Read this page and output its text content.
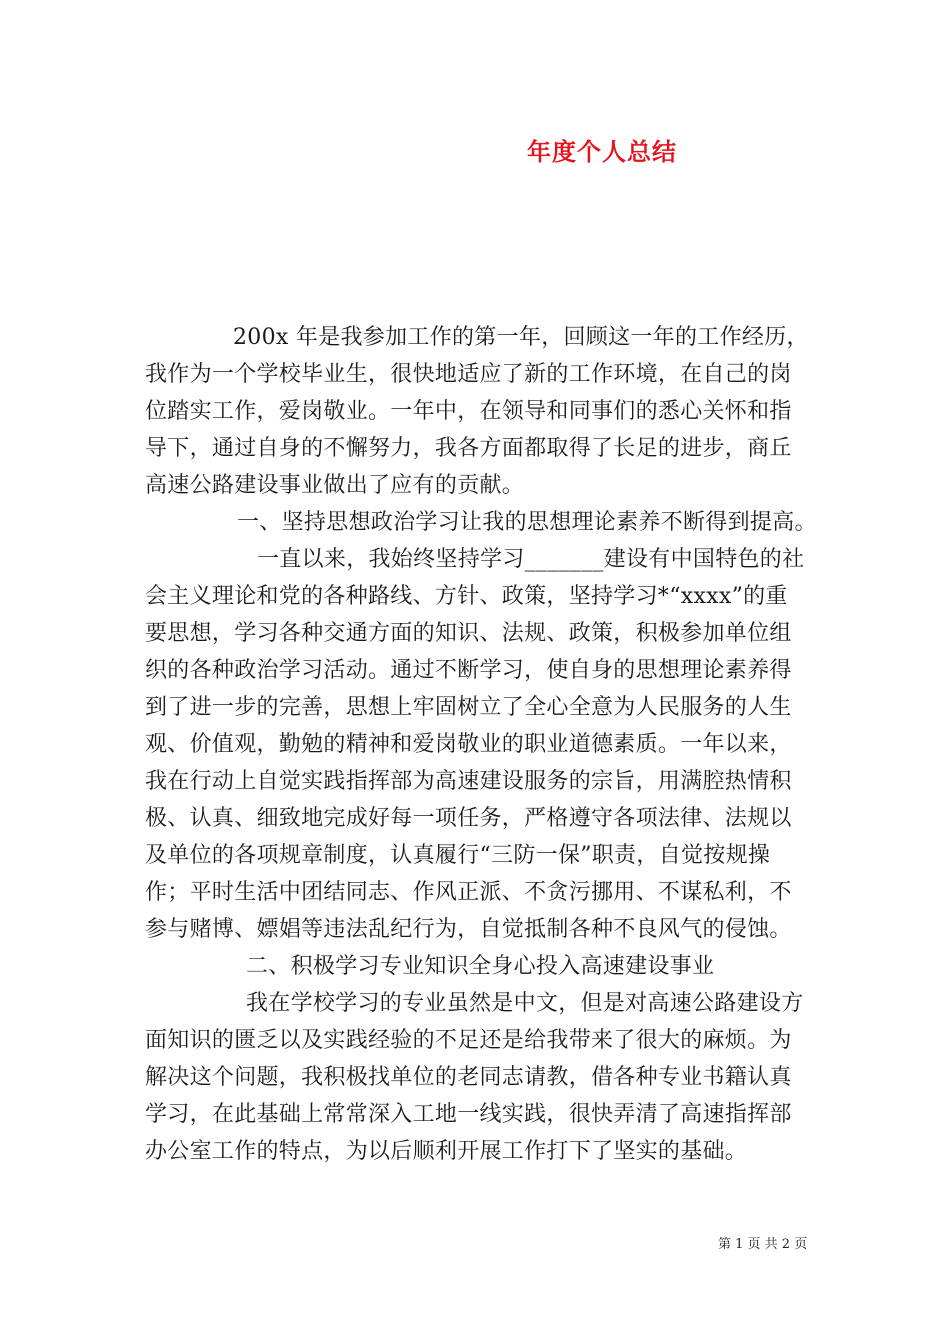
年度个人总结
200x 年是我参加工作的第一年，回顾这一年的工作经历，
我作为一个学校毕业生，很快地适应了新的工作环境，在自己的岗
位踏实工作，爱岗敬业。一年中，在领导和同事们的悉心关怀和指
导下，通过自身的不懈努力，我各方面都取得了长足的进步，商丘
高速公路建设事业做出了应有的贡献。
一、坚持思想政治学习让我的思想理论素养不断得到提高。
一直以来，我始终坚持学习_______建设有中国特色的社
会主义理论和党的各种路线、方针、政策，坚持学习*“xxxx”的重
要思想，学习各种交通方面的知识、法规、政策，积极参加单位组
织的各种政治学习活动。通过不断学习，使自身的思想理论素养得
到了进一步的完善，思想上牢固树立了全心全意为人民服务的人生
观、价值观，勤勉的精神和爱岗敬业的职业道德素质。一年以来，
我在行动上自觉实践指挥部为高速建设服务的宗旨，用满腔热情积
极、认真、细致地完成好每一项任务，严格遵守各项法律、法规以
及单位的各项规章制度，认真履行“三防一保”职责，自觉按规操
作；平时生活中团结同志、作风正派、不贪污挪用、不谋私利，不
参与赌博、嫖娼等违法乱纪行为，自觉抵制各种不良风气的侵蚀。
二、积极学习专业知识全身心投入高速建设事业
我在学校学习的专业虽然是中文，但是对高速公路建设方
面知识的匮乏以及实践经验的不足还是给我带来了很大的麻烦。为
解决这个问题，我积极找单位的老同志请教，借各种专业书籍认真
学习，在此基础上常常深入工地一线实践，很快弄清了高速指挥部
办公室工作的特点，为以后顺利开展工作打下了坚实的基础。
第 1 页 共 2 页
